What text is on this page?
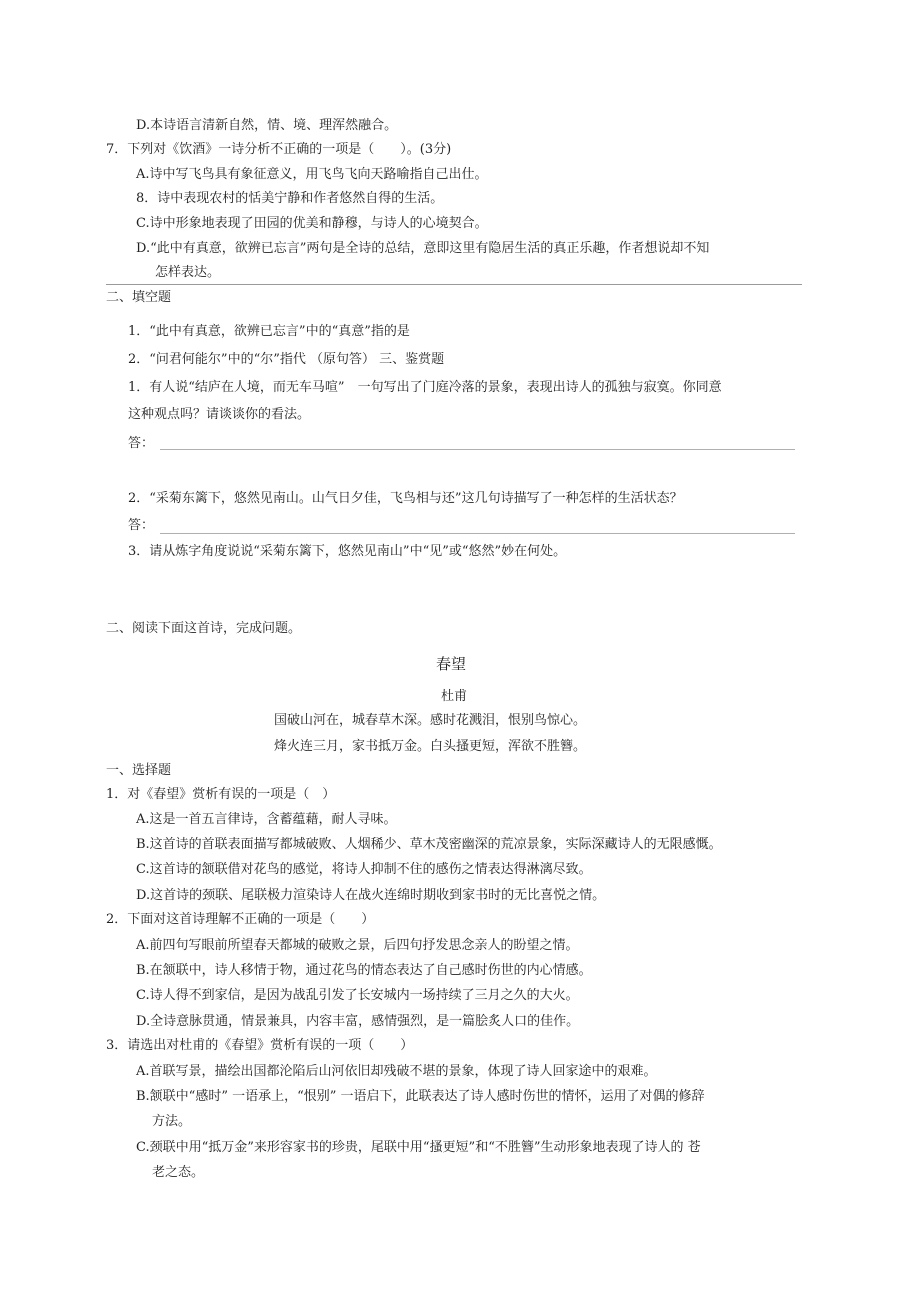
D.本诗语言清新自然，情、境、理浑然融合。
7．下列对《饮酒》一诗分析不正确的一项是（　　）。(3分)
A.诗中写飞鸟具有象征意义，用飞鸟飞向天路喻指自己出仕。
8．诗中表现农村的恬美宁静和作者悠然自得的生活。
C.诗中形象地表现了田园的优美和静穆，与诗人的心境契合。
D.“此中有真意，欲辨已忘言”两句是全诗的总结，意即这里有隐居生活的真正乐趣，作者想说却不知
怎样表达。
二、填空题
1．“此中有真意，欲辨已忘言”中的“真意”指的是
2．“问君何能尔”中的“尔”指代 （原句答） 三、鉴赏题
1．有人说“结庐在人境，而无车马喧”　一句写出了门庭冷落的景象，表现出诗人的孤独与寂寞。你同意
这种观点吗？请谈谈你的看法。
答：
2．“采菊东篱下，悠然见南山。山气日夕佳，飞鸟相与还”这几句诗描写了一种怎样的生活状态？
答：
3．请从炼字角度说说“采菊东篱下，悠然见南山”中“见”或“悠然”妙在何处。
二、阅读下面这首诗，完成问题。
春望
杜甫
国破山河在，城春草木深。感时花溅泪，恨别鸟惊心。
烽火连三月，家书抵万金。白头搔更短，浑欲不胜簪。
一、选择题
1．对《春望》赏析有误的一项是（　）
A.这是一首五言律诗，含蓄蕴藉，耐人寻味。
B.这首诗的首联表面描写都城破败、人烟稀少、草木茂密幽深的荒凉景象，实际深藏诗人的无限感慨。
C.这首诗的颔联借对花鸟的感觉，将诗人抑制不住的感伤之情表达得淋漓尽致。
D.这首诗的颈联、尾联极力渲染诗人在战火连绵时期收到家书时的无比喜悦之情。
2．下面对这首诗理解不正确的一项是（　　）
A.前四句写眼前所望春天都城的破败之景，后四句抒发思念亲人的盼望之情。
B.在颔联中，诗人移情于物，通过花鸟的情态表达了自己感时伤世的内心情感。
C.诗人得不到家信，是因为战乱引发了长安城内一场持续了三月之久的大火。
D.全诗意脉贯通，情景兼具，内容丰富，感情强烈，是一篇脍炙人口的佳作。
3．请选出对杜甫的《春望》赏析有误的一项（　　）
A.首联写景，描绘出国都沦陷后山河依旧却残破不堪的景象，体现了诗人回家途中的艰难。
B.颔联中“感时” 一语承上，“恨别” 一语启下，此联表达了诗人感时伤世的情怀，运用了对偶的修辞
方法。
C.颈联中用“抵万金”来形容家书的珍贵，尾联中用“搔更短”和“不胜簪”生动形象地表现了诗人的 苍
老之态。
